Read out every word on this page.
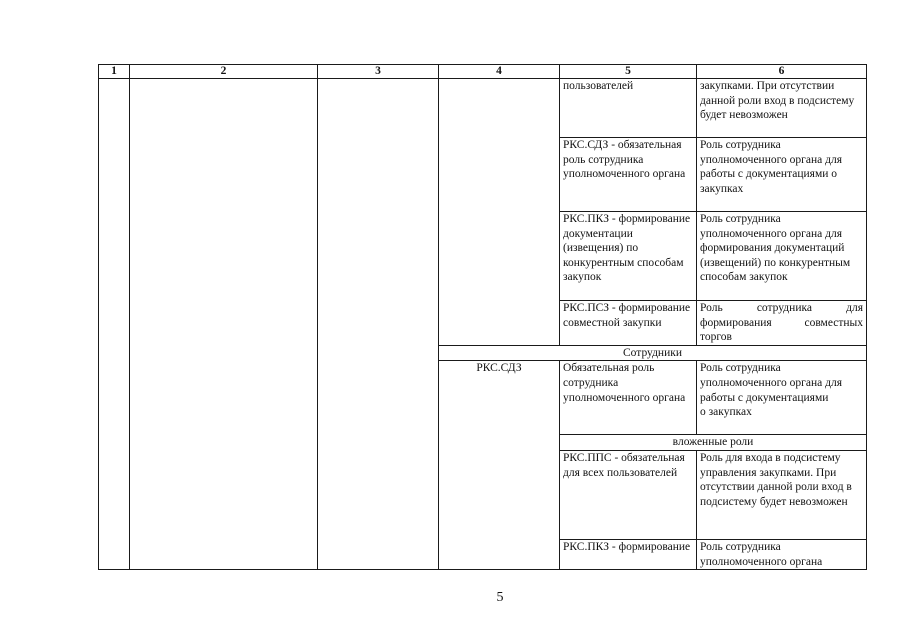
1	2	3	4	5	6
				пользователей	закупками. При отсутствии данной роли вход в подсистему будет невозможен
				РКС.СДЗ - обязательная роль сотрудника уполномоченного органа	Роль сотрудника уполномоченного органа для работы с документациями о закупках
				РКС.ПКЗ - формирование документации (извещения) по конкурентным способам закупок	Роль сотрудника уполномоченного органа для формирования документаций (извещений) по конкурентным способам закупок
				РКС.ПСЗ - формирование совместной закупки	Роль сотрудника для формирования совместных торгов
			Сотрудники		
			РКС.СДЗ	Обязательная роль сотрудника уполномоченного органа	Роль сотрудника уполномоченного органа для работы с документациями
о закупках
				вложенные роли	
				РКС.ППС - обязательная для всех пользователей	Роль для входа в подсистему управления закупками. При отсутствии данной роли вход в подсистему будет невозможен
				РКС.ПКЗ - формирование	Роль сотрудника уполномоченного органа
5
